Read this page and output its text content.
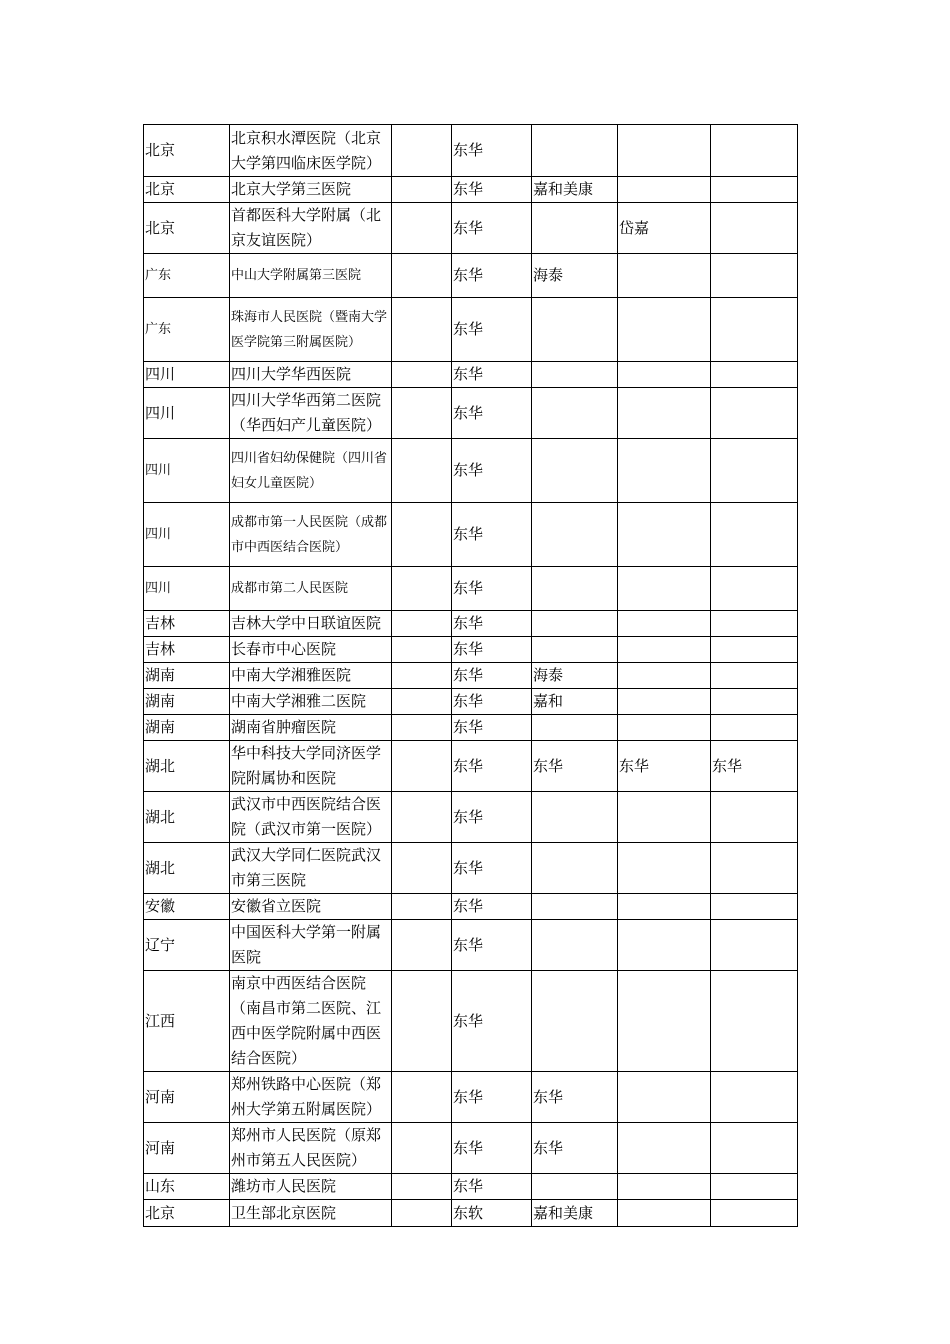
北京	北京积水潭医院（北京大学第四临床医学院）		东华			
北京	北京大学第三医院		东华	嘉和美康		
北京	首都医科大学附属（北京友谊医院）		东华		岱嘉	
广东	中山大学附属第三医院		东华	海泰		
广东	珠海市人民医院（暨南大学医学院第三附属医院）		东华			
四川	四川大学华西医院		东华			
四川	四川大学华西第二医院（华西妇产儿童医院）		东华			
四川	四川省妇幼保健院（四川省妇女儿童医院）		东华			
四川	成都市第一人民医院（成都市中西医结合医院）		东华			
四川	成都市第二人民医院		东华			
吉林	吉林大学中日联谊医院		东华			
吉林	长春市中心医院		东华			
湖南	中南大学湘雅医院		东华	海泰		
湖南	中南大学湘雅二医院		东华	嘉和		
湖南	湖南省肿瘤医院		东华			
湖北	华中科技大学同济医学院附属协和医院		东华	东华	东华	东华
湖北	武汉市中西医院结合医院（武汉市第一医院）		东华			
湖北	武汉大学同仁医院武汉市第三医院		东华			
安徽	安徽省立医院		东华			
辽宁	中国医科大学第一附属医院		东华			
江西	南京中西医结合医院（南昌市第二医院、江西中医学院附属中西医结合医院）		东华			
河南	郑州铁路中心医院（郑州大学第五附属医院）		东华	东华		
河南	郑州市人民医院（原郑州市第五人民医院）		东华	东华		
山东	潍坊市人民医院		东华			
北京	卫生部北京医院		东软	嘉和美康		
